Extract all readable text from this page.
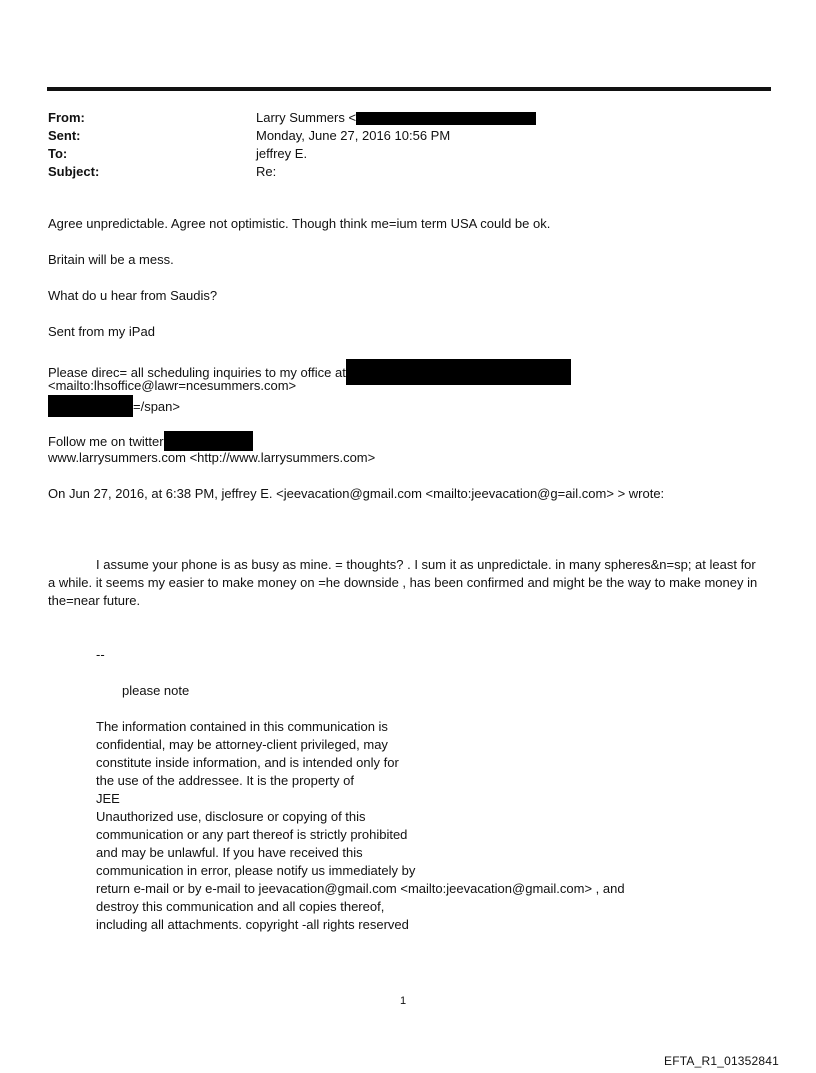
From:	Larry Summers <
Sent:	Monday, June 27, 2016 10:56 PM
To:	jeffrey E.
Subject:	Re:
Agree unpredictable. Agree not optimistic. Though think me=ium term USA could be ok.
Britain will be a mess.
What do u hear from Saudis?
Sent from my iPad
Please direc= all scheduling inquiries to my office at
<mailto:lhsoffice@lawr=ncesummers.com>
=/span>
Follow me on twitter
www.larrysummers.com <http://www.larrysummers.com>
On Jun 27, 2016, at 6:38 PM, jeffrey E. <jeevacation@gmail.com <mailto:jeevacation@g=ail.com> > wrote:
I assume your phone is as busy as mine. = thoughts? . I sum it as unpredictale. in many spheres&n=sp; at least for a while. it seems my easier to make money on =he downside , has been confirmed and might be the way to make money in the=near future.
--
please note
The information contained in this communication is
confidential, may be attorney-client privileged, may
constitute inside information, and is intended only for
the use of the addressee. It is the property of
JEE
Unauthorized use, disclosure or copying of this
communication or any part thereof is strictly prohibited
and may be unlawful. If you have received this
communication in error, please notify us immediately by
return e-mail or by e-mail to jeevacation@gmail.com <mailto:jeevacation@gmail.com> , and
destroy this communication and all copies thereof,
including all attachments. copyright -all rights reserved
1
EFTA_R1_01352841
